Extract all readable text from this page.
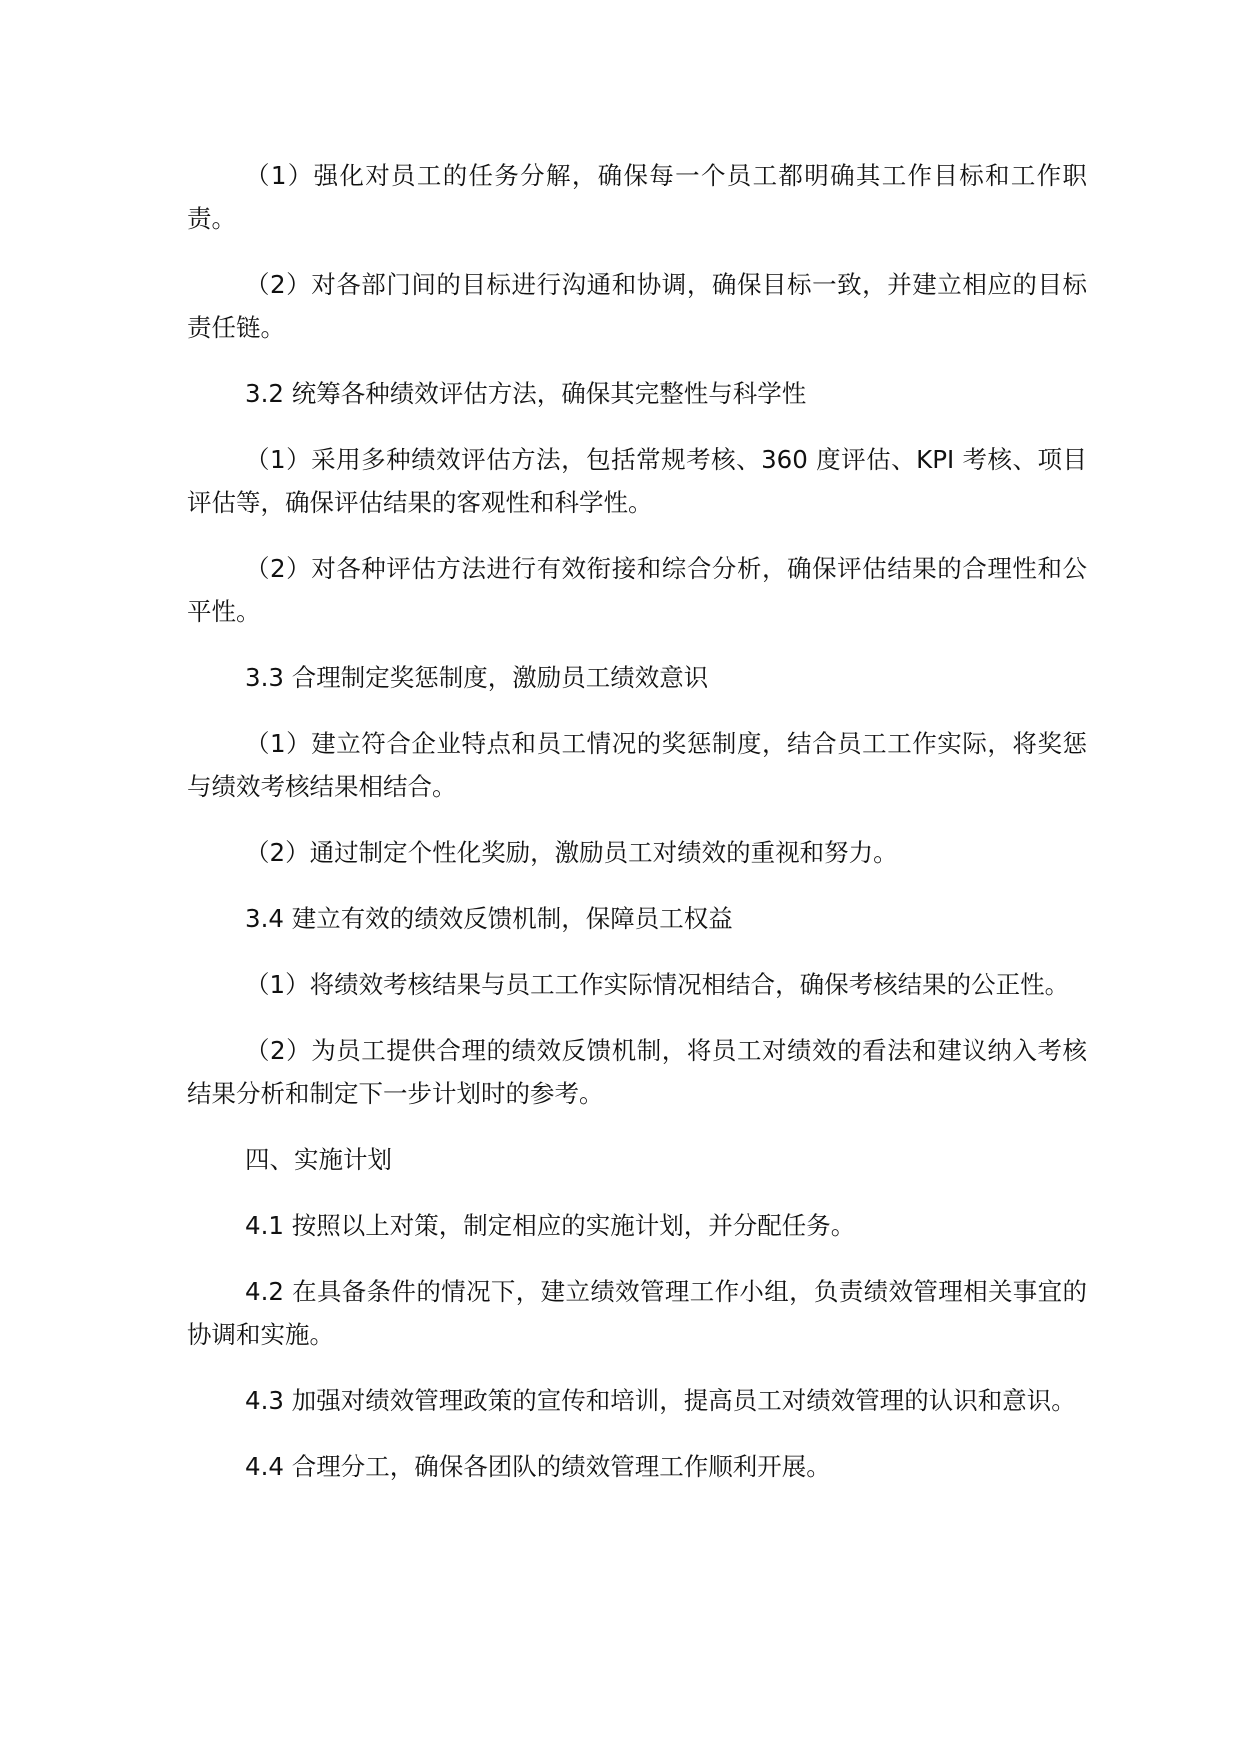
（1）强化对员工的任务分解，确保每一个员工都明确其工作目标和工作职责。

（2）对各部门间的目标进行沟通和协调，确保目标一致，并建立相应的目标责任链。

3.2 统筹各种绩效评估方法，确保其完整性与科学性

（1）采用多种绩效评估方法，包括常规考核、360 度评估、KPI 考核、项目评估等，确保评估结果的客观性和科学性。

（2）对各种评估方法进行有效衔接和综合分析，确保评估结果的合理性和公平性。

3.3 合理制定奖惩制度，激励员工绩效意识

（1）建立符合企业特点和员工情况的奖惩制度，结合员工工作实际，将奖惩与绩效考核结果相结合。

（2）通过制定个性化奖励，激励员工对绩效的重视和努力。

3.4 建立有效的绩效反馈机制，保障员工权益

（1）将绩效考核结果与员工工作实际情况相结合，确保考核结果的公正性。

（2）为员工提供合理的绩效反馈机制，将员工对绩效的看法和建议纳入考核结果分析和制定下一步计划时的参考。

四、实施计划

4.1 按照以上对策，制定相应的实施计划，并分配任务。

4.2 在具备条件的情况下，建立绩效管理工作小组，负责绩效管理相关事宜的协调和实施。

4.3 加强对绩效管理政策的宣传和培训，提高员工对绩效管理的认识和意识。

4.4 合理分工，确保各团队的绩效管理工作顺利开展。
